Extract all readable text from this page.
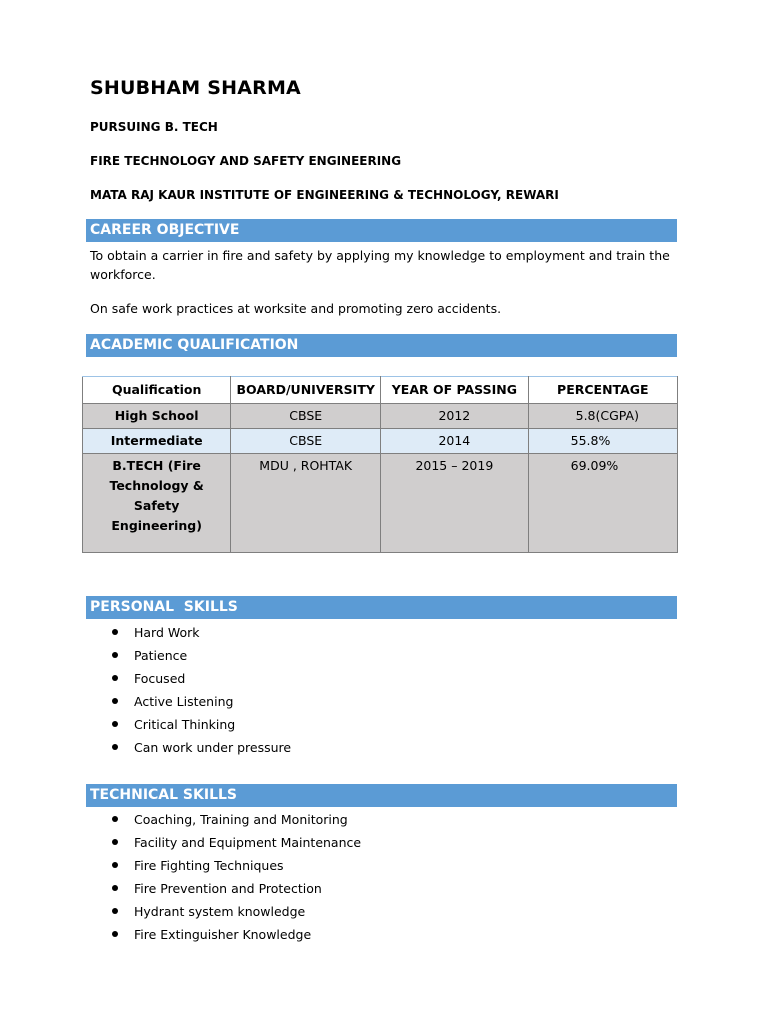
SHUBHAM SHARMA

PURSUING B. TECH

FIRE TECHNOLOGY AND SAFETY ENGINEERING

MATA RAJ KAUR INSTITUTE OF ENGINEERING & TECHNOLOGY, REWARI

CAREER OBJECTIVE

To obtain a carrier in fire and safety by applying my knowledge to employment and train the workforce.

On safe work practices at worksite and promoting zero accidents.

ACADEMIC QUALIFICATION
Qualification	BOARD/UNIVERSITY	YEAR OF PASSING	PERCENTAGE
High School	CBSE	2012	5.8(CGPA)
Intermediate	CBSE	2014	55.8%
B.TECH (Fire Technology & Safety Engineering)	MDU , ROHTAK	2015 – 2019	69.09%
PERSONAL  SKILLS
Hard Work
Patience
Focused
Active Listening
Critical Thinking
Can work under pressure
TECHNICAL SKILLS
Coaching, Training and Monitoring
Facility and Equipment Maintenance
Fire Fighting Techniques
Fire Prevention and Protection
Hydrant system knowledge
Fire Extinguisher Knowledge
